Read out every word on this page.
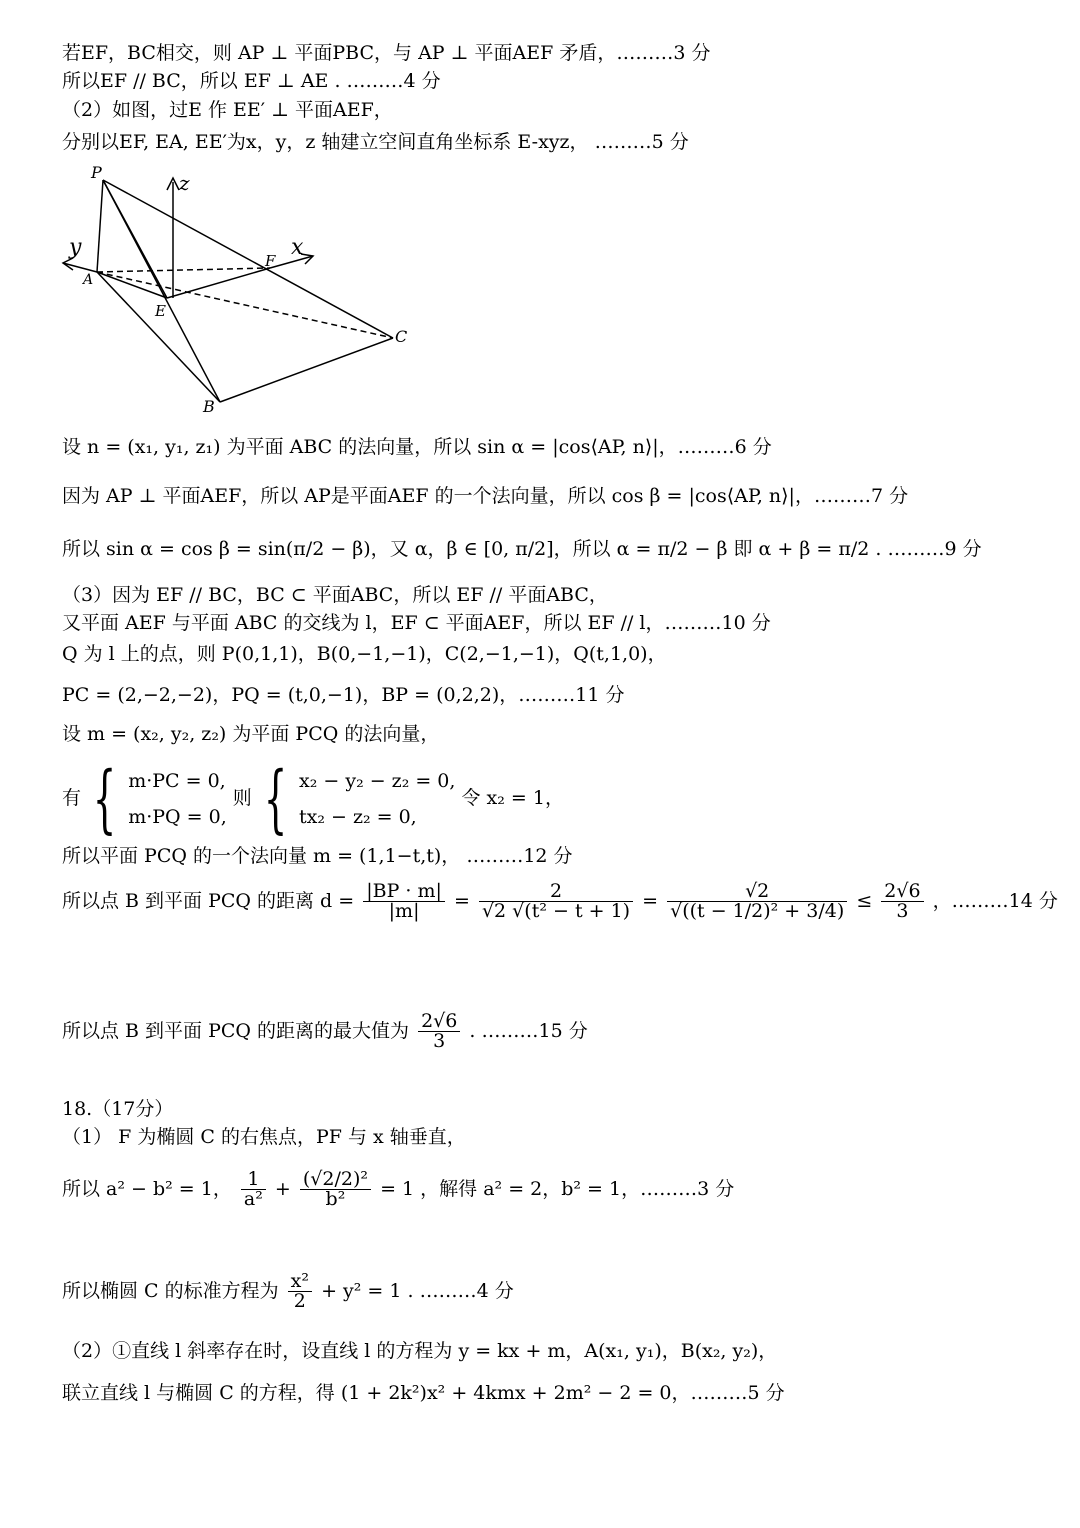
若EF，BC相交，则 AP ⊥ 平面PBC，与 AP ⊥ 平面AEF 矛盾，………3 分
所以EF // BC，所以 EF ⊥ AE . ………4 分
（2）如图，过E 作 EE′ ⊥ 平面AEF，
分别以EF, EA, EE′为x，y，z 轴建立空间直角坐标系 E-xyz， ………5 分
P	z
y	x
F
A
E
C
B
设 n = (x₁, y₁, z₁) 为平面 ABC 的法向量，所以 sin α = |cos⟨AP, n⟩|，………6 分
因为 AP ⊥ 平面AEF，所以 AP是平面AEF 的一个法向量，所以 cos β = |cos⟨AP, n⟩|，………7 分
所以 sin α = cos β = sin(π/2 − β)，又 α，β ∈ [0, π/2]，所以 α = π/2 − β 即 α + β = π/2 . ………9 分
（3）因为 EF // BC，BC ⊂ 平面ABC，所以 EF // 平面ABC，
又平面 AEF 与平面 ABC 的交线为 l，EF ⊂ 平面AEF，所以 EF // l，………10 分
Q 为 l 上的点，则 P(0,1,1)，B(0,−1,−1)，C(2,−1,−1)，Q(t,1,0)，
PC = (2,−2,−2)，PQ = (t,0,−1)，BP = (0,2,2)，………11 分
设 m = (x₂, y₂, z₂) 为平面 PCQ 的法向量，
有 { m·PC = 0,
m·PQ = 0,
则 { x₂ − y₂ − z₂ = 0,
tx₂ − z₂ = 0,
令 x₂ = 1，
所以平面 PCQ 的一个法向量 m = (1,1−t,t)， ………12 分
所以点 B 到平面 PCQ 的距离 $d = \frac{|BP \cdot m|}{|m|} = \frac{2}{\text{√2 √(t² − t + 1)}} = \frac{√2}{\text{√((t − 1/2)² + 3/4)}} \le \frac{2√6}{3}$ ，………14 分
所以点 B 到平面 PCQ 的距离的最大值为 $\frac{2√6}{3}$ . ………15 分
18.（17分）
（1） F 为椭圆 C 的右焦点，PF 与 x 轴垂直，
所以 a² − b² = 1， $\frac{1}{\text{a²}} + \frac{\text{(√2/2)²}}{\text{b²}} = 1$ ，解得 a² = 2，b² = 1，………3 分
所以椭圆 C 的标准方程为 $\frac{\text{x²}}{2} + y^2 = 1$ . ………4 分
（2）①直线 l 斜率存在时，设直线 l 的方程为 y = kx + m，A(x₁, y₁)，B(x₂, y₂)，
联立直线 l 与椭圆 C 的方程，得 (1 + 2k²)x² + 4kmx + 2m² − 2 = 0，………5 分
